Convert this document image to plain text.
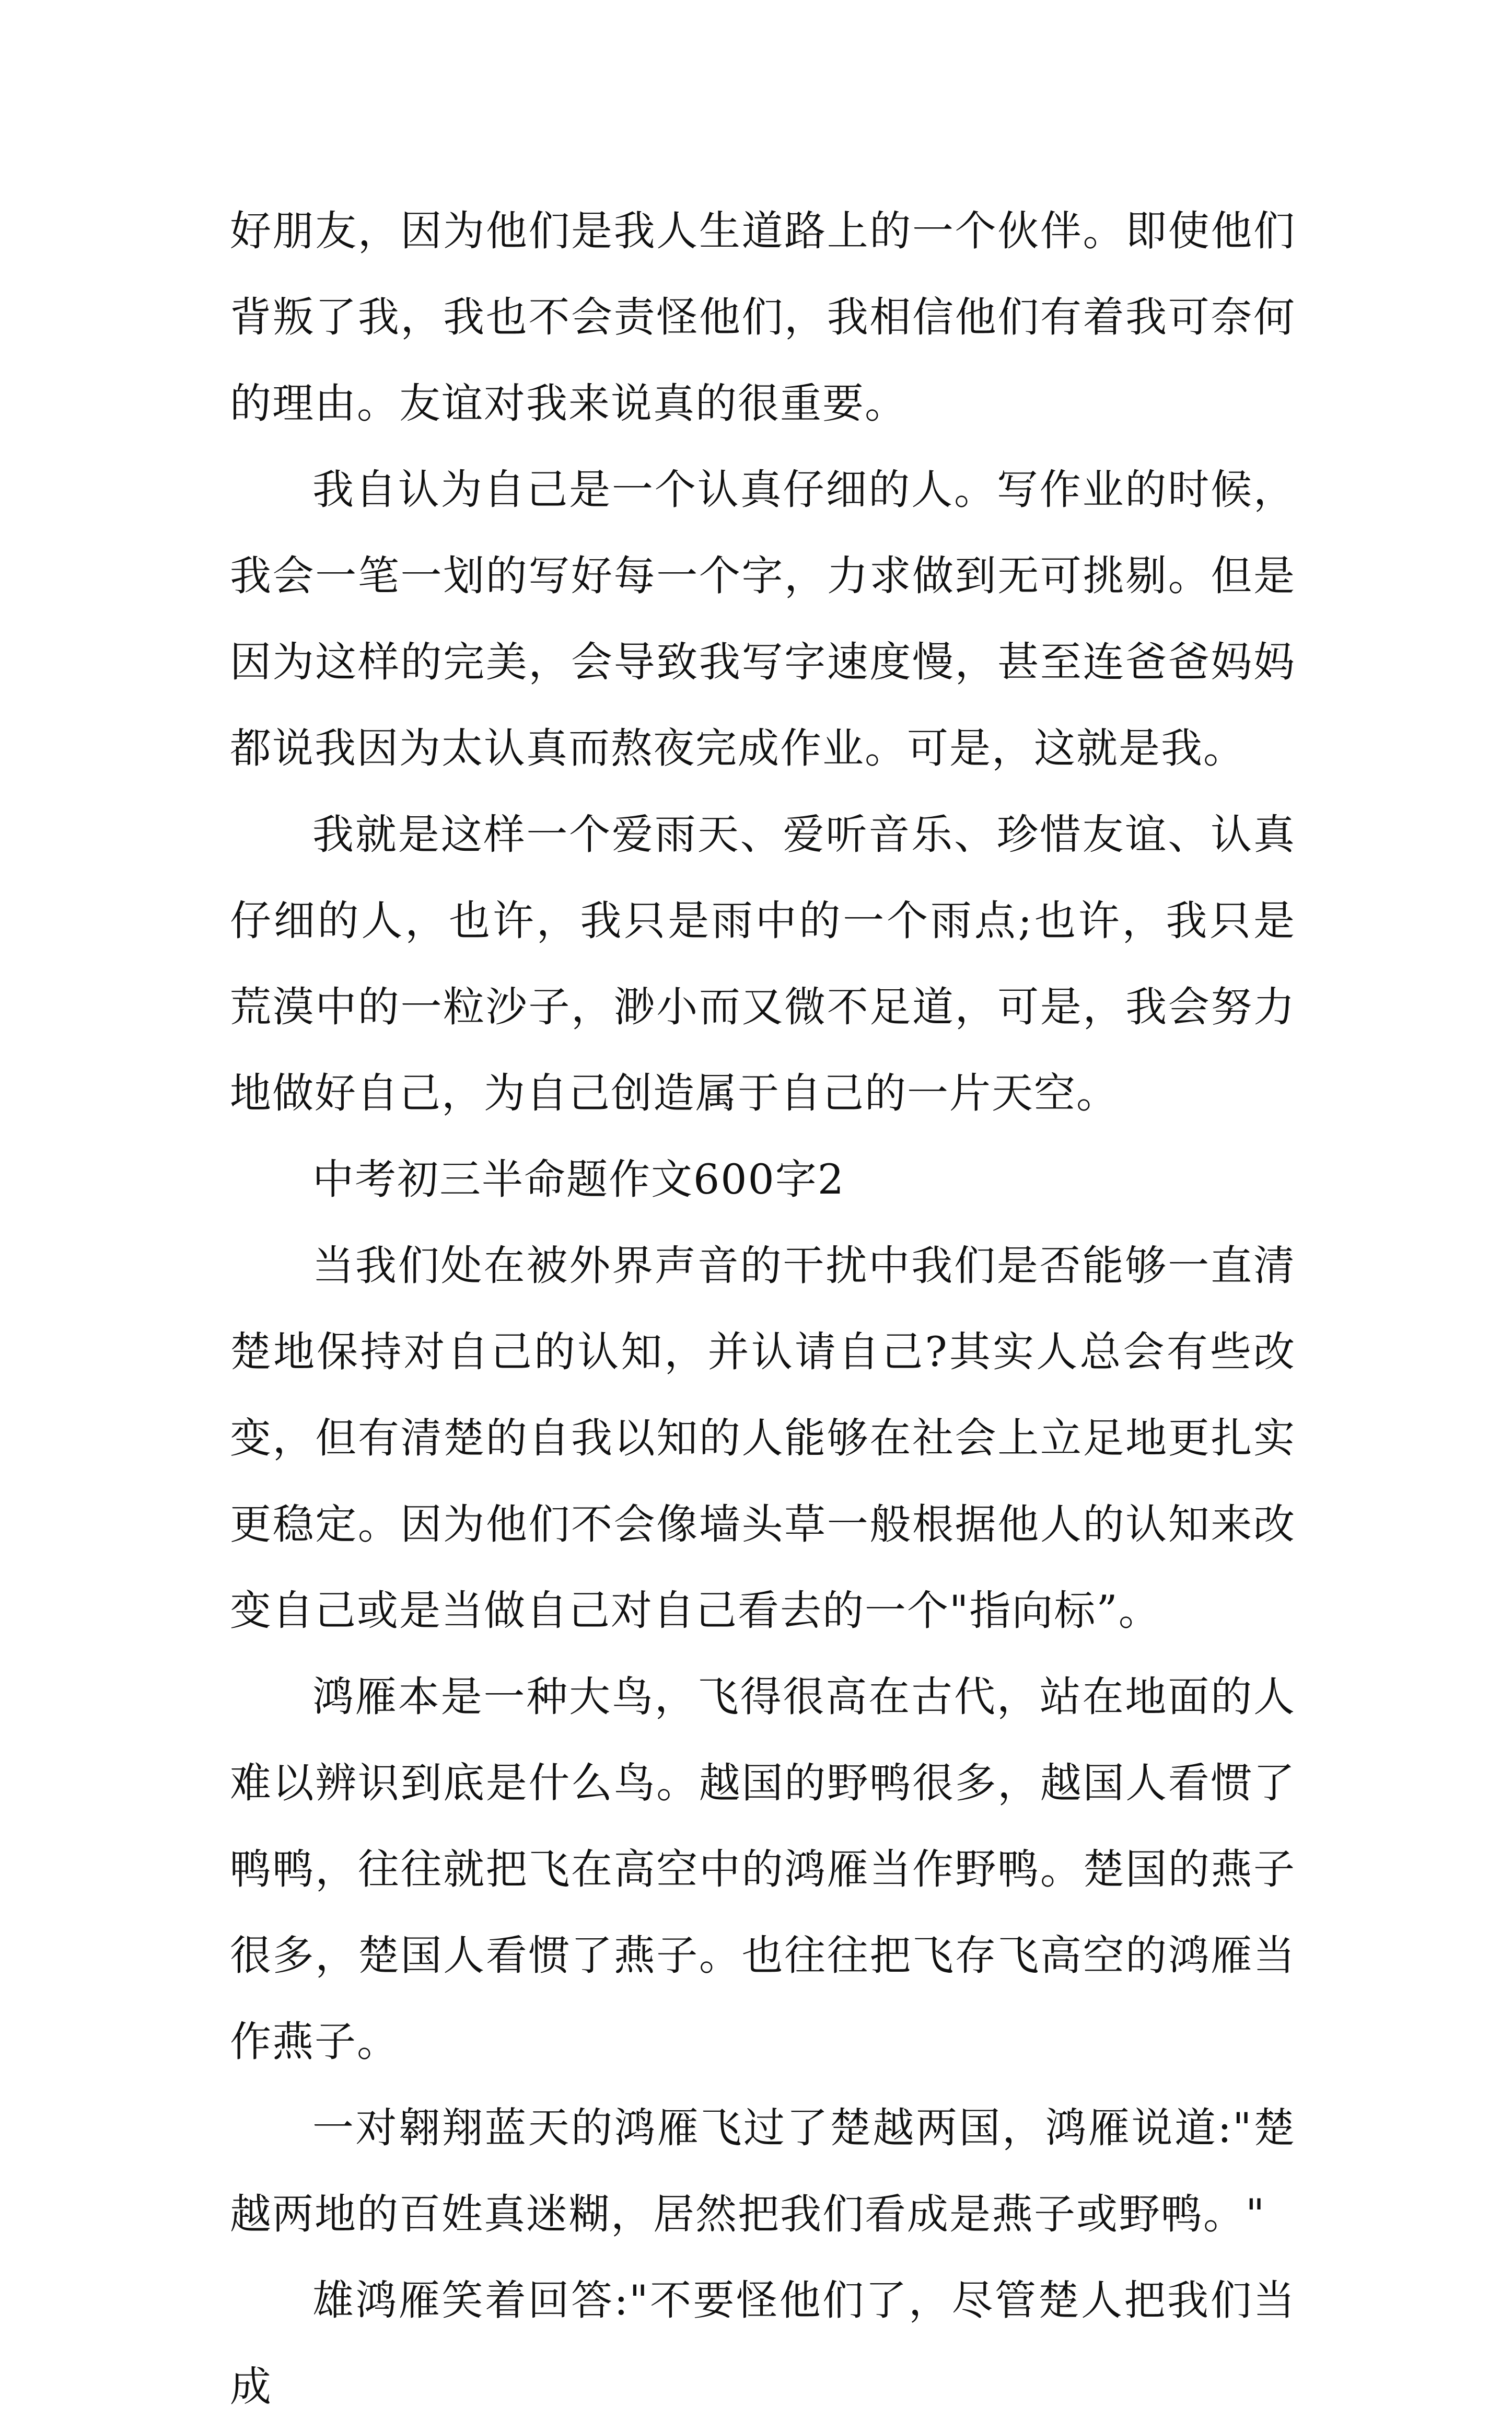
好朋友，因为他们是我人生道路上的一个伙伴。即使他们背叛了我，我也不会责怪他们，我相信他们有着我可奈何的理由。友谊对我来说真的很重要。

我自认为自己是一个认真仔细的人。写作业的时候，我会一笔一划的写好每一个字，力求做到无可挑剔。但是因为这样的完美，会导致我写字速度慢，甚至连爸爸妈妈都说我因为太认真而熬夜完成作业。可是，这就是我。

我就是这样一个爱雨天、爱听音乐、珍惜友谊、认真仔细的人，也许，我只是雨中的一个雨点;也许，我只是荒漠中的一粒沙子，渺小而又微不足道，可是，我会努力地做好自己，为自己创造属于自己的一片天空。

中考初三半命题作文600字2

当我们处在被外界声音的干扰中我们是否能够一直清楚地保持对自己的认知，并认请自己?其实人总会有些改变，但有清楚的自我以知的人能够在社会上立足地更扎实更稳定。因为他们不会像墙头草一般根据他人的认知来改变自己或是当做自己对自己看去的一个"指向标”。

鸿雁本是一种大鸟，飞得很高在古代，站在地面的人难以辨识到底是什么鸟。越国的野鸭很多，越国人看惯了鸭鸭，往往就把飞在高空中的鸿雁当作野鸭。楚国的燕子很多，楚国人看惯了燕子。也往往把飞存飞高空的鸿雁当作燕子。

一对翱翔蓝天的鸿雁飞过了楚越两国，鸿雁说道:"楚越两地的百姓真迷糊，居然把我们看成是燕子或野鸭。"

雄鸿雁笑着回答:"不要怪他们了，尽管楚人把我们当成
